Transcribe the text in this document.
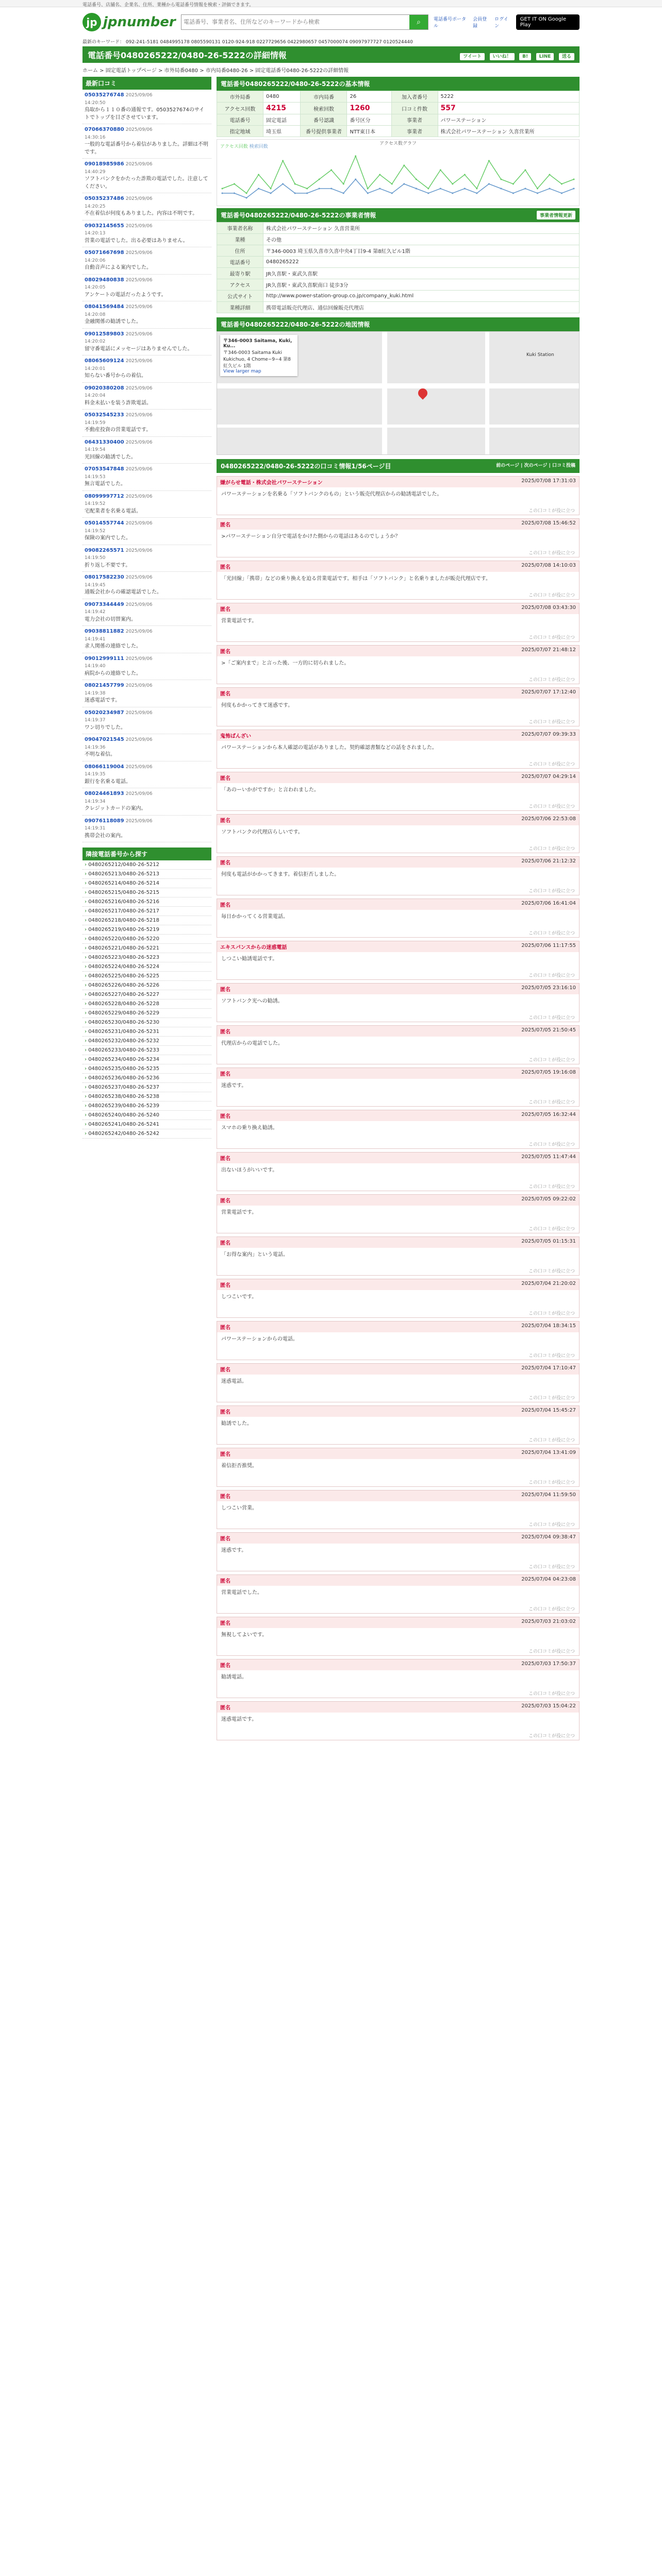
電話番号、店舗名、企業名、住所、業種から電話番号情報を検索・評価できます。
jp jpnumber
電話番号、事業者名、住所などのキーワードから検索	⌕	電話番号ポータル
会員登録
ログイン
GET IT ON Google Play
最新のキーワード： 092-241-5181 0484995178 0805590131 0120-924-918 0227729656 0422980657 0457000074 09097977727 0120524440
電話番号0480265222/0480-26-5222の詳細情報	ツイート いいね！ B! LINE 送る
ホーム > 固定電話トップページ > 市外局番0480 > 市内局番0480-26 > 固定電話番号0480-26-5222の詳細情報
最新口コミ
05035276748 2025/09/06
14:20:50
鳥取から１１０番の通報です。0503527674のサイトでトップを目ざさせています。
07066370880 2025/09/06
14:30:16
一般的な電話番号から着信がありました。詳細は不明です。
09018985986 2025/09/06
14:40:29
ソフトバンクをかたった詐欺の電話でした。注意してください。
05035237486 2025/09/06
14:20:25
不在着信が何度もありました。内容は不明です。
09032145655 2025/09/06
14:20:13
営業の電話でした。出る必要はありません。
05071667698 2025/09/06
14:20:06
自動音声による案内でした。
08029480838 2025/09/06
14:20:05
アンケートの電話だったようです。
08041569484 2025/09/06
14:20:08
金融関係の勧誘でした。
09012589803 2025/09/06
14:20:02
留守番電話にメッセージはありませんでした。
08065609124 2025/09/06
14:20:01
知らない番号からの着信。
09020380208 2025/09/06
14:20:04
料金未払いを装う詐欺電話。
05032545233 2025/09/06
14:19:59
不動産投資の営業電話です。
06431330400 2025/09/06
14:19:54
光回線の勧誘でした。
07053547848 2025/09/06
14:19:53
無言電話でした。
08099997712 2025/09/06
14:19:52
宅配業者を名乗る電話。
05014557744 2025/09/06
14:19:52
保険の案内でした。
09082265571 2025/09/06
14:19:50
折り返し不要です。
08017582230 2025/09/06
14:19:45
通販会社からの確認電話でした。
09073344449 2025/09/06
14:19:42
電力会社の切替案内。
09038811882 2025/09/06
14:19:41
求人関係の連絡でした。
09012999111 2025/09/06
14:19:40
病院からの連絡でした。
08021457799 2025/09/06
14:19:38
迷惑電話です。
05020234987 2025/09/06
14:19:37
ワン切りでした。
09047021545 2025/09/06
14:19:36
不明な着信。
08066119004 2025/09/06
14:19:35
銀行を名乗る電話。
08024461893 2025/09/06
14:19:34
クレジットカードの案内。
09076118089 2025/09/06
14:19:31
携帯会社の案内。
隣接電話番号から探す
› 0480265212/0480-26-5212
› 0480265213/0480-26-5213
› 0480265214/0480-26-5214
› 0480265215/0480-26-5215
› 0480265216/0480-26-5216
› 0480265217/0480-26-5217
› 0480265218/0480-26-5218
› 0480265219/0480-26-5219
› 0480265220/0480-26-5220
› 0480265221/0480-26-5221
› 0480265223/0480-26-5223
› 0480265224/0480-26-5224
› 0480265225/0480-26-5225
› 0480265226/0480-26-5226
› 0480265227/0480-26-5227
› 0480265228/0480-26-5228
› 0480265229/0480-26-5229
› 0480265230/0480-26-5230
› 0480265231/0480-26-5231
› 0480265232/0480-26-5232
› 0480265233/0480-26-5233
› 0480265234/0480-26-5234
› 0480265235/0480-26-5235
› 0480265236/0480-26-5236
› 0480265237/0480-26-5237
› 0480265238/0480-26-5238
› 0480265239/0480-26-5239
› 0480265240/0480-26-5240
› 0480265241/0480-26-5241
› 0480265242/0480-26-5242
電話番号0480265222/0480-26-5222の基本情報
市外局番	0480	市内局番	26	加入者番号	5222
アクセス回数	4215	検索回数	1260	口コミ件数	557
電話番号	固定電話	番号認識	番号区分	事業者	パワーステーション
指定地域	埼玉県	番号提供事業者	NTT東日本	事業者	株式会社パワーステーション 久喜営業所
アクセス数グラフ
アクセス回数 検索回数
電話番号0480265222/0480-26-5222の事業者情報	事業者情報更新
事業者名称	株式会社パワーステーション 久喜営業所
業種	その他
住所	〒346-0003 埼玉県久喜市久喜中央4丁目9-4 第8紅久ビル1階
電話番号	0480265222
最寄り駅	JR久喜駅・東武久喜駅
アクセス	JR久喜駅・東武久喜駅南口 徒歩3分
公式サイト	http://www.power-station-group.co.jp/company_kuki.html
業種詳細	携帯電話販売代理店、通信回線販売代理店
電話番号0480265222/0480-26-5222の地図情報
〒346-0003 Saitama, Kuki, Ku...
〒346-0003 Saitama Kuki Kukichuo, 4 Chome−9−4 第8紅久ビル 1階
View larger map
Kuki Station
0480265222/0480-26-5222の口コミ情報1/56ページ目	前のページ | 次のページ | 口コミ投稿
嫌がらせ電話・株式会社パワーステーション	2025/07/08 17:31:03
パワーステーションを名乗る「ソフトバンクのもの」という販売代理店からの勧誘電話でした。
この口コミが役に立つ
匿名	2025/07/08 15:46:52
>パワーステーション自分で電話をかけた側からの電話はあるのでしょうか？
この口コミが役に立つ
匿名	2025/07/08 14:10:03
「光回線」「携帯」などの乗り換えを迫る営業電話です。相手は「ソフトバンク」と名乗りましたが販売代理店です。
この口コミが役に立つ
匿名	2025/07/08 03:43:30
営業電話です。
この口コミが役に立つ
匿名	2025/07/07 21:48:12
>「ご案内まで」と言った後、一方的に切られました。
この口コミが役に立つ
匿名	2025/07/07 17:12:40
何度もかかってきて迷惑です。
この口コミが役に立つ
鬼怖ばんざい	2025/07/07 09:39:33
パワーステーションから本人確認の電話がありました。契約確認書類などの話をされました。
この口コミが役に立つ
匿名	2025/07/07 04:29:14
「あのーいかがですか」と言われました。
この口コミが役に立つ
匿名	2025/07/06 22:53:08
ソフトバンクの代理店らしいです。
この口コミが役に立つ
匿名	2025/07/06 21:12:32
何度も電話がかかってきます。着信拒否しました。
この口コミが役に立つ
匿名	2025/07/06 16:41:04
毎日かかってくる営業電話。
この口コミが役に立つ
エキスパンスからの迷惑電話	2025/07/06 11:17:55
しつこい勧誘電話です。
この口コミが役に立つ
匿名	2025/07/05 23:16:10
ソフトバンク光への勧誘。
この口コミが役に立つ
匿名	2025/07/05 21:50:45
代理店からの電話でした。
この口コミが役に立つ
匿名	2025/07/05 19:16:08
迷惑です。
この口コミが役に立つ
匿名	2025/07/05 16:32:44
スマホの乗り換え勧誘。
この口コミが役に立つ
匿名	2025/07/05 11:47:44
出ないほうがいいです。
この口コミが役に立つ
匿名	2025/07/05 09:22:02
営業電話です。
この口コミが役に立つ
匿名	2025/07/05 01:15:31
「お得な案内」という電話。
この口コミが役に立つ
匿名	2025/07/04 21:20:02
しつこいです。
この口コミが役に立つ
匿名	2025/07/04 18:34:15
パワーステーションからの電話。
この口コミが役に立つ
匿名	2025/07/04 17:10:47
迷惑電話。
この口コミが役に立つ
匿名	2025/07/04 15:45:27
勧誘でした。
この口コミが役に立つ
匿名	2025/07/04 13:41:09
着信拒否推奨。
この口コミが役に立つ
匿名	2025/07/04 11:59:50
しつこい営業。
この口コミが役に立つ
匿名	2025/07/04 09:38:47
迷惑です。
この口コミが役に立つ
匿名	2025/07/04 04:23:08
営業電話でした。
この口コミが役に立つ
匿名	2025/07/03 21:03:02
無視してよいです。
この口コミが役に立つ
匿名	2025/07/03 17:50:37
勧誘電話。
この口コミが役に立つ
匿名	2025/07/03 15:04:22
迷惑電話です。
この口コミが役に立つ
